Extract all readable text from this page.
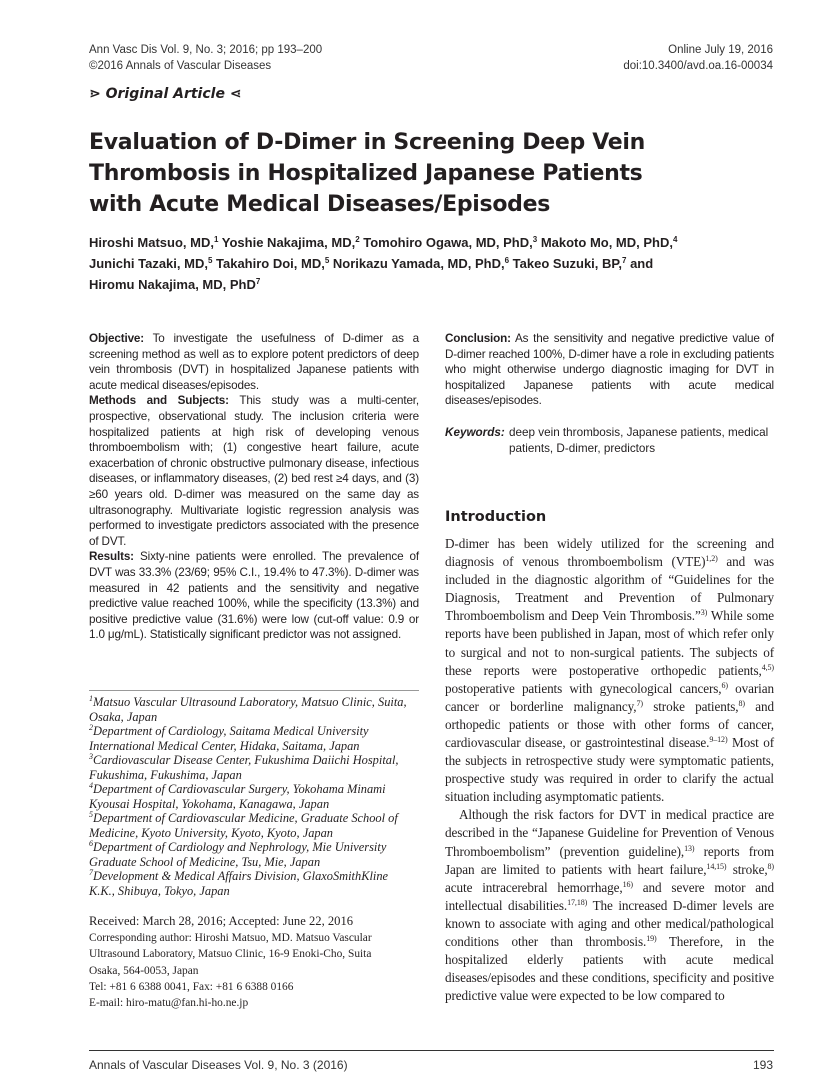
Ann Vasc Dis Vol. 9, No. 3; 2016; pp 193–200
©2016 Annals of Vascular Diseases
Online July 19, 2016
doi:10.3400/avd.oa.16-00034
⋗ Original Article ⋖
Evaluation of D-Dimer in Screening Deep Vein
Thrombosis in Hospitalized Japanese Patients
with Acute Medical Diseases/Episodes
Hiroshi Matsuo, MD,$^1$ Yoshie Nakajima, MD,$^2$ Tomohiro Ogawa, MD, PhD,$^3$ Makoto Mo, MD, PhD,$^4$
Junichi Tazaki, MD,$^5$ Takahiro Doi, MD,$^5$ Norikazu Yamada, MD, PhD,$^6$ Takeo Suzuki, BP,$^7$ and
Hiromu Nakajima, MD, PhD$^7$
Objective: To investigate the usefulness of D-dimer as a screening method as well as to explore potent predictors of deep vein thrombosis (DVT) in hospitalized Japanese patients with acute medical diseases/episodes.
Methods and Subjects: This study was a multi-center, prospective, observational study. The inclusion criteria were hospitalized patients at high risk of developing venous thromboembolism with; (1) congestive heart failure, acute exacerbation of chronic obstructive pulmonary disease, infectious diseases, or inflammatory diseases, (2) bed rest ≥4 days, and (3) ≥60 years old. D-dimer was measured on the same day as ultrasonography. Multivariate logistic regression analysis was performed to investigate predictors associated with the presence of DVT.
Results: Sixty-nine patients were enrolled. The prevalence of DVT was 33.3% (23/69; 95% C.I., 19.4% to 47.3%). D-dimer was measured in 42 patients and the sensitivity and negative predictive value reached 100%, while the specificity (13.3%) and positive predictive value (31.6%) were low (cut-off value: 0.9 or 1.0 μg/mL). Statistically significant predictor was not assigned.
$^1$Matsuo Vascular Ultrasound Laboratory, Matsuo Clinic, Suita,
Osaka, Japan
$^2$Department of Cardiology, Saitama Medical University
International Medical Center, Hidaka, Saitama, Japan
$^3$Cardiovascular Disease Center, Fukushima Daiichi Hospital,
Fukushima, Fukushima, Japan
$^4$Department of Cardiovascular Surgery, Yokohama Minami
Kyousai Hospital, Yokohama, Kanagawa, Japan
$^5$Department of Cardiovascular Medicine, Graduate School of
Medicine, Kyoto University, Kyoto, Kyoto, Japan
$^6$Department of Cardiology and Nephrology, Mie University
Graduate School of Medicine, Tsu, Mie, Japan
$^7$Development & Medical Affairs Division, GlaxoSmithKline
K.K., Shibuya, Tokyo, Japan
Received: March 28, 2016; Accepted: June 22, 2016
Corresponding author: Hiroshi Matsuo, MD. Matsuo Vascular
Ultrasound Laboratory, Matsuo Clinic, 16-9 Enoki-Cho, Suita
Osaka, 564-0053, Japan
Tel: +81 6 6388 0041, Fax: +81 6 6388 0166
E-mail: hiro-matu@fan.hi-ho.ne.jp
Conclusion: As the sensitivity and negative predictive value of D-dimer reached 100%, D-dimer have a role in excluding patients who might otherwise undergo diagnostic imaging for DVT in hospitalized Japanese patients with acute medical diseases/episodes.
Keywords: deep vein thrombosis, Japanese patients, medical patients, D-dimer, predictors
Introduction

D-dimer has been widely utilized for the screening and diagnosis of venous thromboembolism (VTE)$^{1,2)}$ and was included in the diagnostic algorithm of “Guidelines for the Diagnosis, Treatment and Prevention of Pulmonary Thromboembolism and Deep Vein Thrombosis.”$^{3)}$ While some reports have been published in Japan, most of which refer only to surgical and not to non-surgical patients. The subjects of these reports were postoperative orthopedic patients,$^{4,5)}$ postoperative patients with gynecological cancers,$^{6)}$ ovarian cancer or borderline malignancy,$^{7)}$ stroke patients,$^{8)}$ and orthopedic patients or those with other forms of cancer, cardiovascular disease, or gastrointestinal disease.$^{9-12)}$ Most of the subjects in retrospective study were symptomatic patients, prospective study was required in order to clarify the actual situation including asymptomatic patients.

Although the risk factors for DVT in medical practice are described in the “Japanese Guideline for Prevention of Venous Thromboembolism” (prevention guideline),$^{13)}$ reports from Japan are limited to patients with heart failure,$^{14,15)}$ stroke,$^{8)}$ acute intracerebral hemorrhage,$^{16)}$ and severe motor and intellectual disabilities.$^{17,18)}$ The increased D-dimer levels are known to associate with aging and other medical/pathological conditions other than thrombosis.$^{19)}$ Therefore, in the hospitalized elderly patients with acute medical diseases/episodes and these conditions, specificity and positive predictive value were expected to be low compared to

Annals of Vascular Diseases Vol. 9, No. 3 (2016)	193
